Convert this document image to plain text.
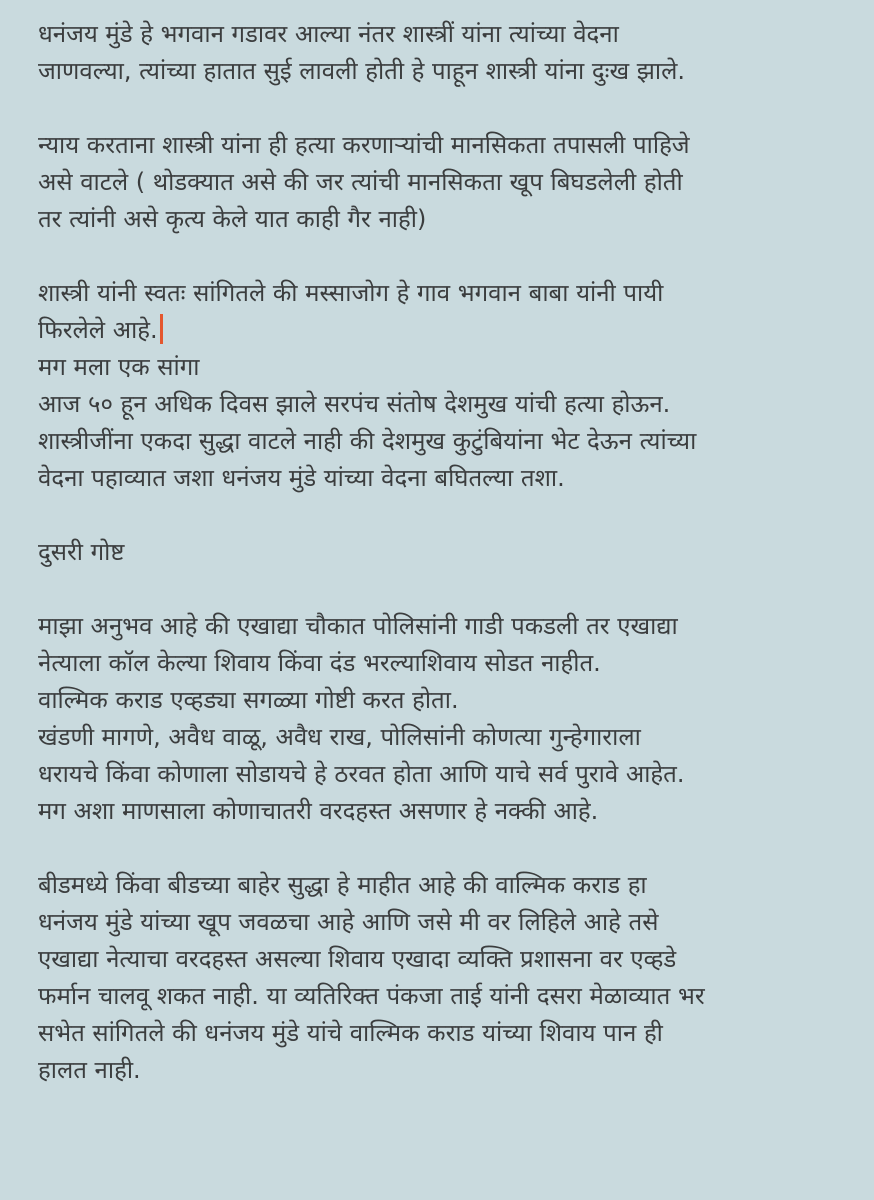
धनंजय मुंडे हे भगवान गडावर आल्या नंतर शास्त्रीं यांना त्यांच्या वेदना
जाणवल्या, त्यांच्या हातात सुई लावली होती हे पाहून शास्त्री यांना दुःख झाले.
न्याय करताना शास्त्री यांना ही हत्या करणाऱ्यांची मानसिकता तपासली पाहिजे
असे वाटले ( थोडक्यात असे की जर त्यांची मानसिकता खूप बिघडलेली होती
तर त्यांनी असे कृत्य केले यात काही गैर नाही)
शास्त्री यांनी स्वतः सांगितले की मस्साजोग हे गाव भगवान बाबा यांनी पायी
फिरलेले आहे.
मग मला एक सांगा
आज ५० हून अधिक दिवस झाले सरपंच संतोष देशमुख यांची हत्या होऊन.
शास्त्रीजींना एकदा सुद्धा वाटले नाही की देशमुख कुटुंबियांना भेट देऊन त्यांच्या
वेदना पहाव्यात जशा धनंजय मुंडे यांच्या वेदना बघितल्या तशा.
दुसरी गोष्ट
माझा अनुभव आहे की एखाद्या चौकात पोलिसांनी गाडी पकडली तर एखाद्या
नेत्याला कॉल केल्या शिवाय किंवा दंड भरल्याशिवाय सोडत नाहीत.
वाल्मिक कराड एव्हड्या सगळ्या गोष्टी करत होता.
खंडणी मागणे, अवैध वाळू, अवैध राख, पोलिसांनी कोणत्या गुन्हेगाराला
धरायचे किंवा कोणाला सोडायचे हे ठरवत होता आणि याचे सर्व पुरावे आहेत.
मग अशा माणसाला कोणाचातरी वरदहस्त असणार हे नक्की आहे.
बीडमध्ये किंवा बीडच्या बाहेर सुद्धा हे माहीत आहे की वाल्मिक कराड हा
धनंजय मुंडे यांच्या खूप जवळचा आहे आणि जसे मी वर लिहिले आहे तसे
एखाद्या नेत्याचा वरदहस्त असल्या शिवाय एखादा व्यक्ति प्रशासना वर एव्हडे
फर्मान चालवू शकत नाही. या व्यतिरिक्त पंकजा ताई यांनी दसरा मेळाव्यात भर
सभेत सांगितले की धनंजय मुंडे यांचे वाल्मिक कराड यांच्या शिवाय पान ही
हालत नाही.
